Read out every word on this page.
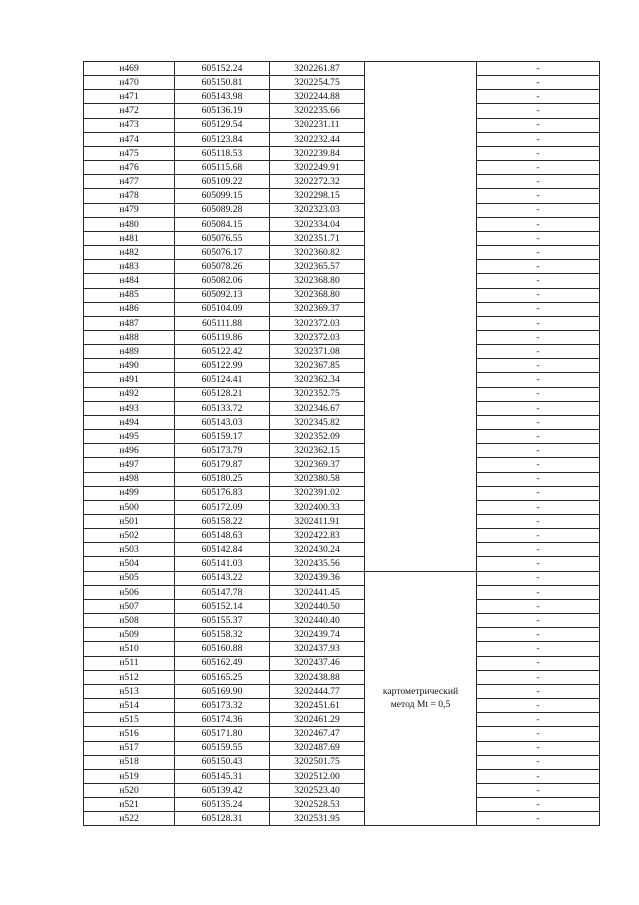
н469	605152.24	3202261.87		-
н470	605150.81	3202254.75		-
н471	605143.98	3202244.88		-
н472	605136.19	3202235.66		-
н473	605129.54	3202231.11		-
н474	605123.84	3202232.44		-
н475	605118.53	3202239.84		-
н476	605115.68	3202249.91		-
н477	605109.22	3202272.32		-
н478	605099.15	3202298.15		-
н479	605089.28	3202323.03		-
н480	605084.15	3202334.04		-
н481	605076.55	3202351.71		-
н482	605076.17	3202360.82		-
н483	605078.26	3202365.57		-
н484	605082.06	3202368.80		-
н485	605092.13	3202368.80		-
н486	605104.09	3202369.37		-
н487	605111.88	3202372.03		-
н488	605119.86	3202372.03		-
н489	605122.42	3202371.08		-
н490	605122.99	3202367.85		-
н491	605124.41	3202362.34		-
н492	605128.21	3202352.75		-
н493	605133.72	3202346.67		-
н494	605143.03	3202345.82		-
н495	605159.17	3202352.09		-
н496	605173.79	3202362.15		-
н497	605179.87	3202369.37		-
н498	605180.25	3202380.58		-
н499	605176.83	3202391.02		-
н500	605172.09	3202400.33		-
н501	605158.22	3202411.91		-
н502	605148.63	3202422.83		-
н503	605142.84	3202430.24		-
н504	605141.03	3202435.56		-
н505	605143.22	3202439.36	картометрический
метод Mt = 0,5	-
н506	605147.78	3202441.45		-
н507	605152.14	3202440.50		-
н508	605155.37	3202440.40		-
н509	605158.32	3202439.74		-
н510	605160.88	3202437.93		-
н511	605162.49	3202437.46		-
н512	605165.25	3202438.88		-
н513	605169.90	3202444.77		-
н514	605173.32	3202451.61		-
н515	605174.36	3202461.29		-
н516	605171.80	3202467.47		-
н517	605159.55	3202487.69		-
н518	605150.43	3202501.75		-
н519	605145.31	3202512.00		-
н520	605139.42	3202523.40		-
н521	605135.24	3202528.53		-
н522	605128.31	3202531.95		-
